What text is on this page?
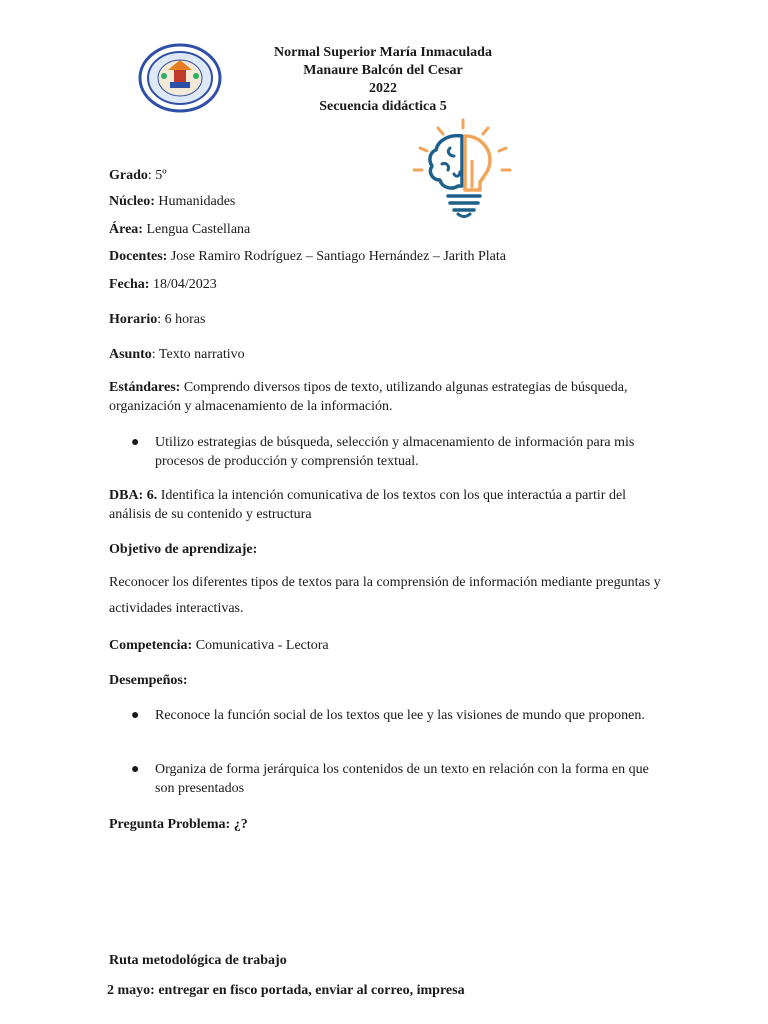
Normal Superior María Inmaculada
Manaure Balcón del Cesar
2022
Secuencia didáctica 5
Grado: 5º
Núcleo: Humanidades
Área: Lengua Castellana
Docentes: Jose Ramiro Rodríguez – Santiago Hernández – Jarith Plata
Fecha: 18/04/2023
Horario: 6 horas
Asunto: Texto narrativo
Estándares: Comprendo diversos tipos de texto, utilizando algunas estrategias de búsqueda, organización y almacenamiento de la información.
● Utilizo estrategias de búsqueda, selección y almacenamiento de información para mis procesos de producción y comprensión textual.
DBA: 6. Identifica la intención comunicativa de los textos con los que interactúa a partir del análisis de su contenido y estructura
Objetivo de aprendizaje:
Reconocer los diferentes tipos de textos para la comprensión de información mediante preguntas y actividades interactivas.
Competencia: Comunicativa - Lectora
Desempeños:
● Reconoce la función social de los textos que lee y las visiones de mundo que proponen.
● Organiza de forma jerárquica los contenidos de un texto en relación con la forma en que son presentados
Pregunta Problema: ¿?
Ruta metodológica de trabajo
2 mayo: entregar en fisco portada, enviar al correo, impresa
